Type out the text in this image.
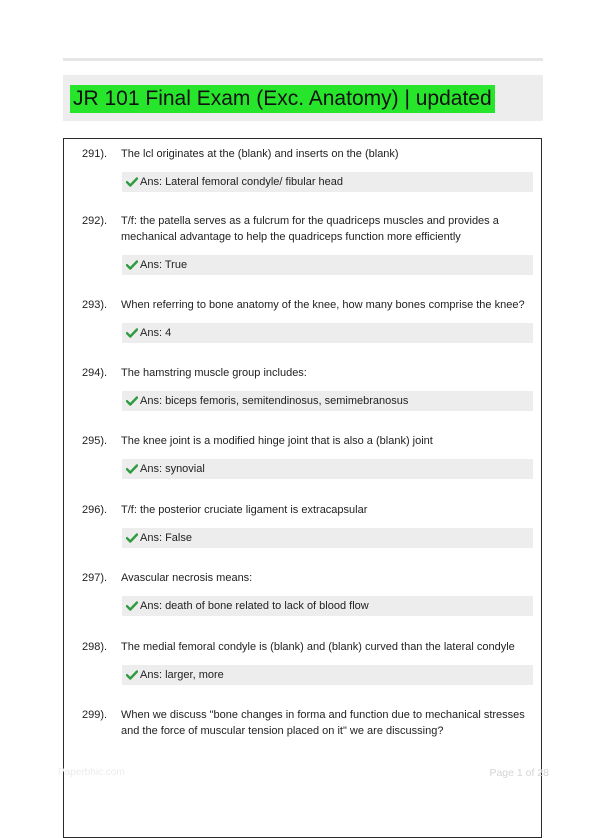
JR 101 Final Exam (Exc. Anatomy) | updated
291). The lcl originates at the (blank) and inserts on the (blank)
Ans: Lateral femoral condyle/ fibular head
292). T/f: the patella serves as a fulcrum for the quadriceps muscles and provides a mechanical advantage to help the quadriceps function more efficiently
Ans: True
293). When referring to bone anatomy of the knee, how many bones comprise the knee?
Ans: 4
294). The hamstring muscle group includes:
Ans: biceps femoris, semitendinosus, semimebranosus
295). The knee joint is a modified hinge joint that is also a (blank) joint
Ans: synovial
296). T/f: the posterior cruciate ligament is extracapsular
Ans: False
297). Avascular necrosis means:
Ans: death of bone related to lack of blood flow
298). The medial femoral condyle is (blank) and (blank) curved than the lateral condyle
Ans: larger, more
299). When we discuss "bone changes in forma and function due to mechanical stresses and the force of muscular tension placed on it" we are discussing?
Paperbhic.com	Page 1 of 28
